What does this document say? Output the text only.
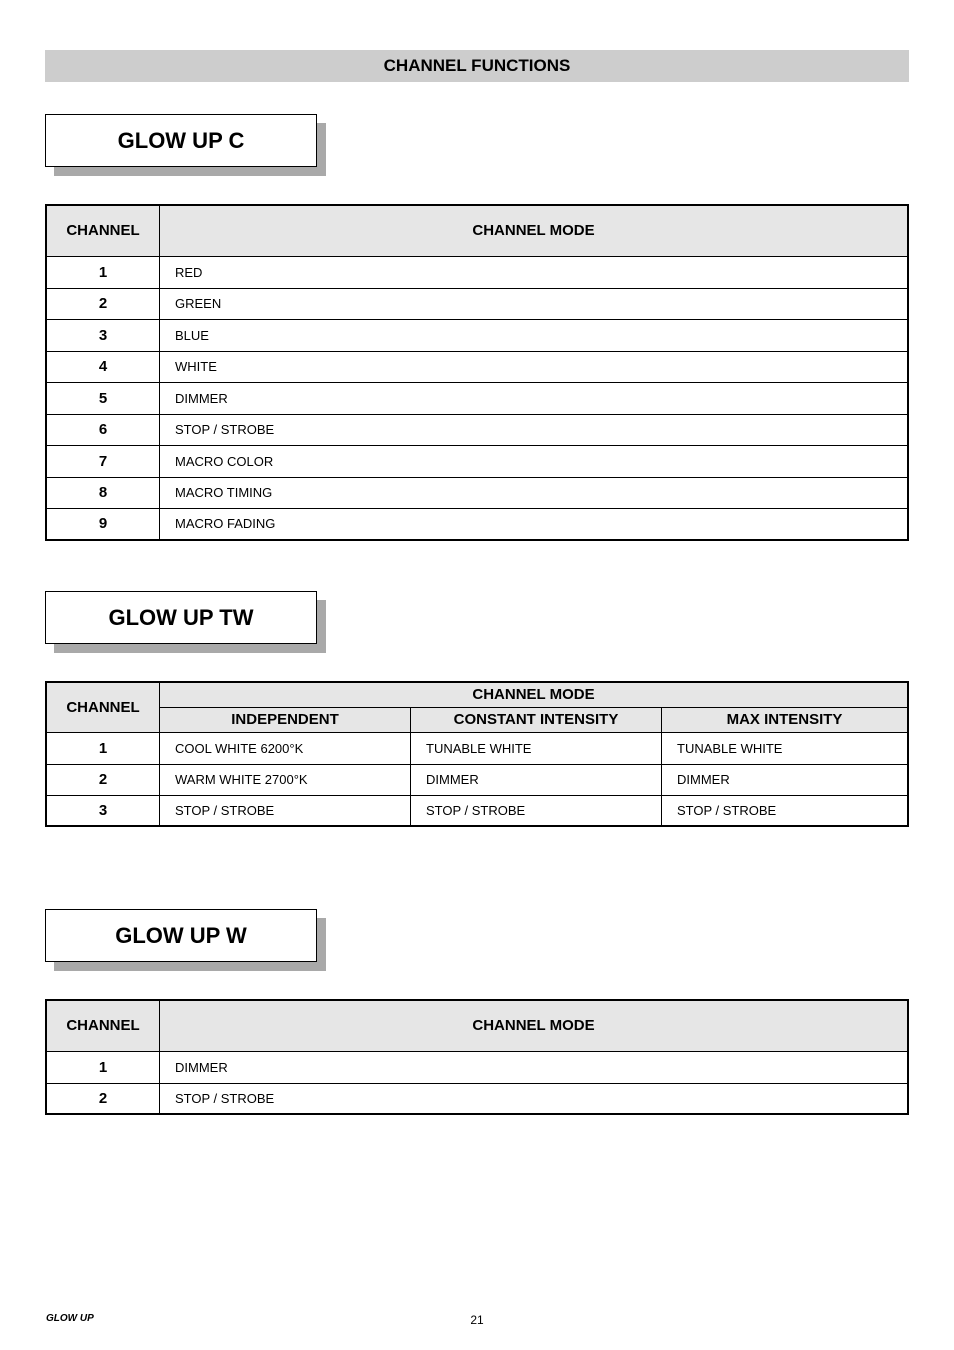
CHANNEL FUNCTIONS
GLOW UP C
CHANNEL	CHANNEL MODE
1	RED
2	GREEN
3	BLUE
4	WHITE
5	DIMMER
6	STOP / STROBE
7	MACRO COLOR
8	MACRO TIMING
9	MACRO FADING
GLOW UP TW
CHANNEL	CHANNEL MODE		
	INDEPENDENT	CONSTANT INTENSITY	MAX INTENSITY
1	COOL WHITE 6200°K	TUNABLE WHITE	TUNABLE WHITE
2	WARM WHITE 2700°K	DIMMER	DIMMER
3	STOP / STROBE	STOP / STROBE	STOP / STROBE
GLOW UP W
CHANNEL	CHANNEL MODE
1	DIMMER
2	STOP / STROBE
GLOW UP	21
